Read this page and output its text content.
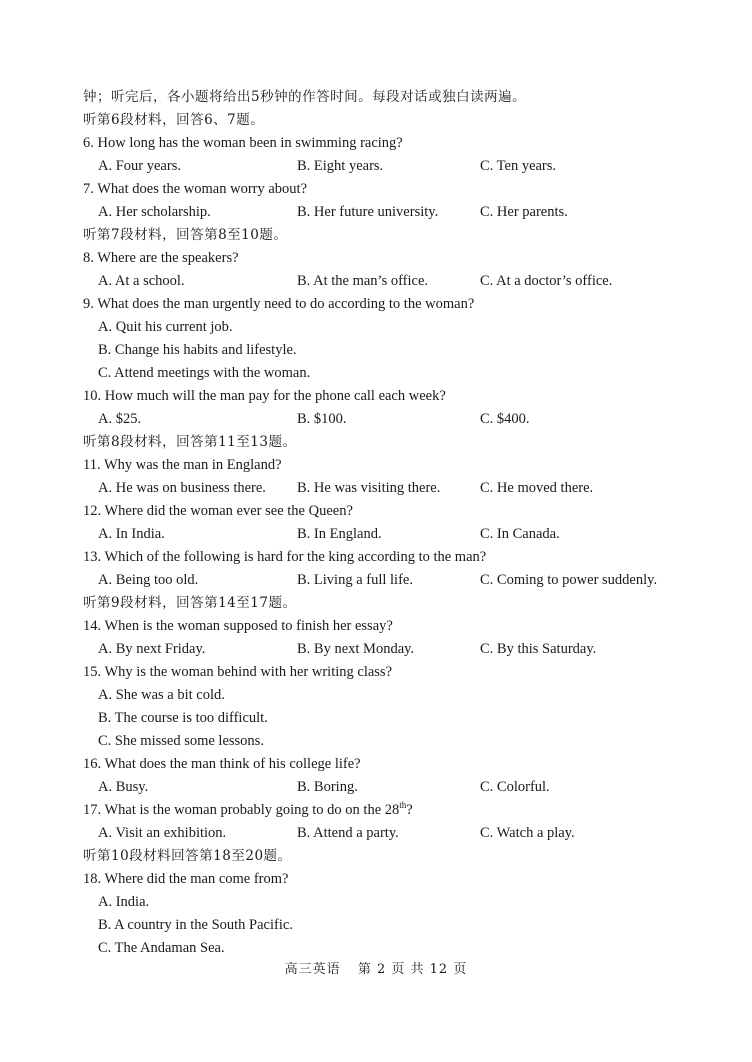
钟；听完后，各小题将给出5秒钟的作答时间。每段对话或独白读两遍。
听第6段材料，回答6、7题。
6. How long has the woman been in swimming racing?
A. Four years.	B. Eight years.	C. Ten years.
7. What does the woman worry about?
A. Her scholarship.	B. Her future university.	C. Her parents.
听第7段材料，回答第8至10题。
8. Where are the speakers?
A. At a school.	B. At the man’s office.	C. At a doctor’s office.
9. What does the man urgently need to do according to the woman?
A. Quit his current job.
B. Change his habits and lifestyle.
C. Attend meetings with the woman.
10. How much will the man pay for the phone call each week?
A. $25.	B. $100.	C. $400.
听第8段材料，回答第11至13题。
11. Why was the man in England?
A. He was on business there. B. He was visiting there.	C. He moved there.
12. Where did the woman ever see the Queen?
A. In India.	B. In England.	C. In Canada.
13. Which of the following is hard for the king according to the man?
A. Being too old.	B. Living a full life.	C. Coming to power suddenly.
听第9段材料，回答第14至17题。
14. When is the woman supposed to finish her essay?
A. By next Friday.	B. By next Monday.	C. By this Saturday.
15. Why is the woman behind with her writing class?
A. She was a bit cold.
B. The course is too difficult.
C. She missed some lessons.
16. What does the man think of his college life?
A. Busy.	B. Boring.	C. Colorful.
17. What is the woman probably going to do on the 28th?
A. Visit an exhibition.	B. Attend a party.	C. Watch a play.
听第10段材料回答第18至20题。
18. Where did the man come from?
A. India.
B. A country in the South Pacific.
C. The Andaman Sea.
高三英语 第 2 页 共 12 页
